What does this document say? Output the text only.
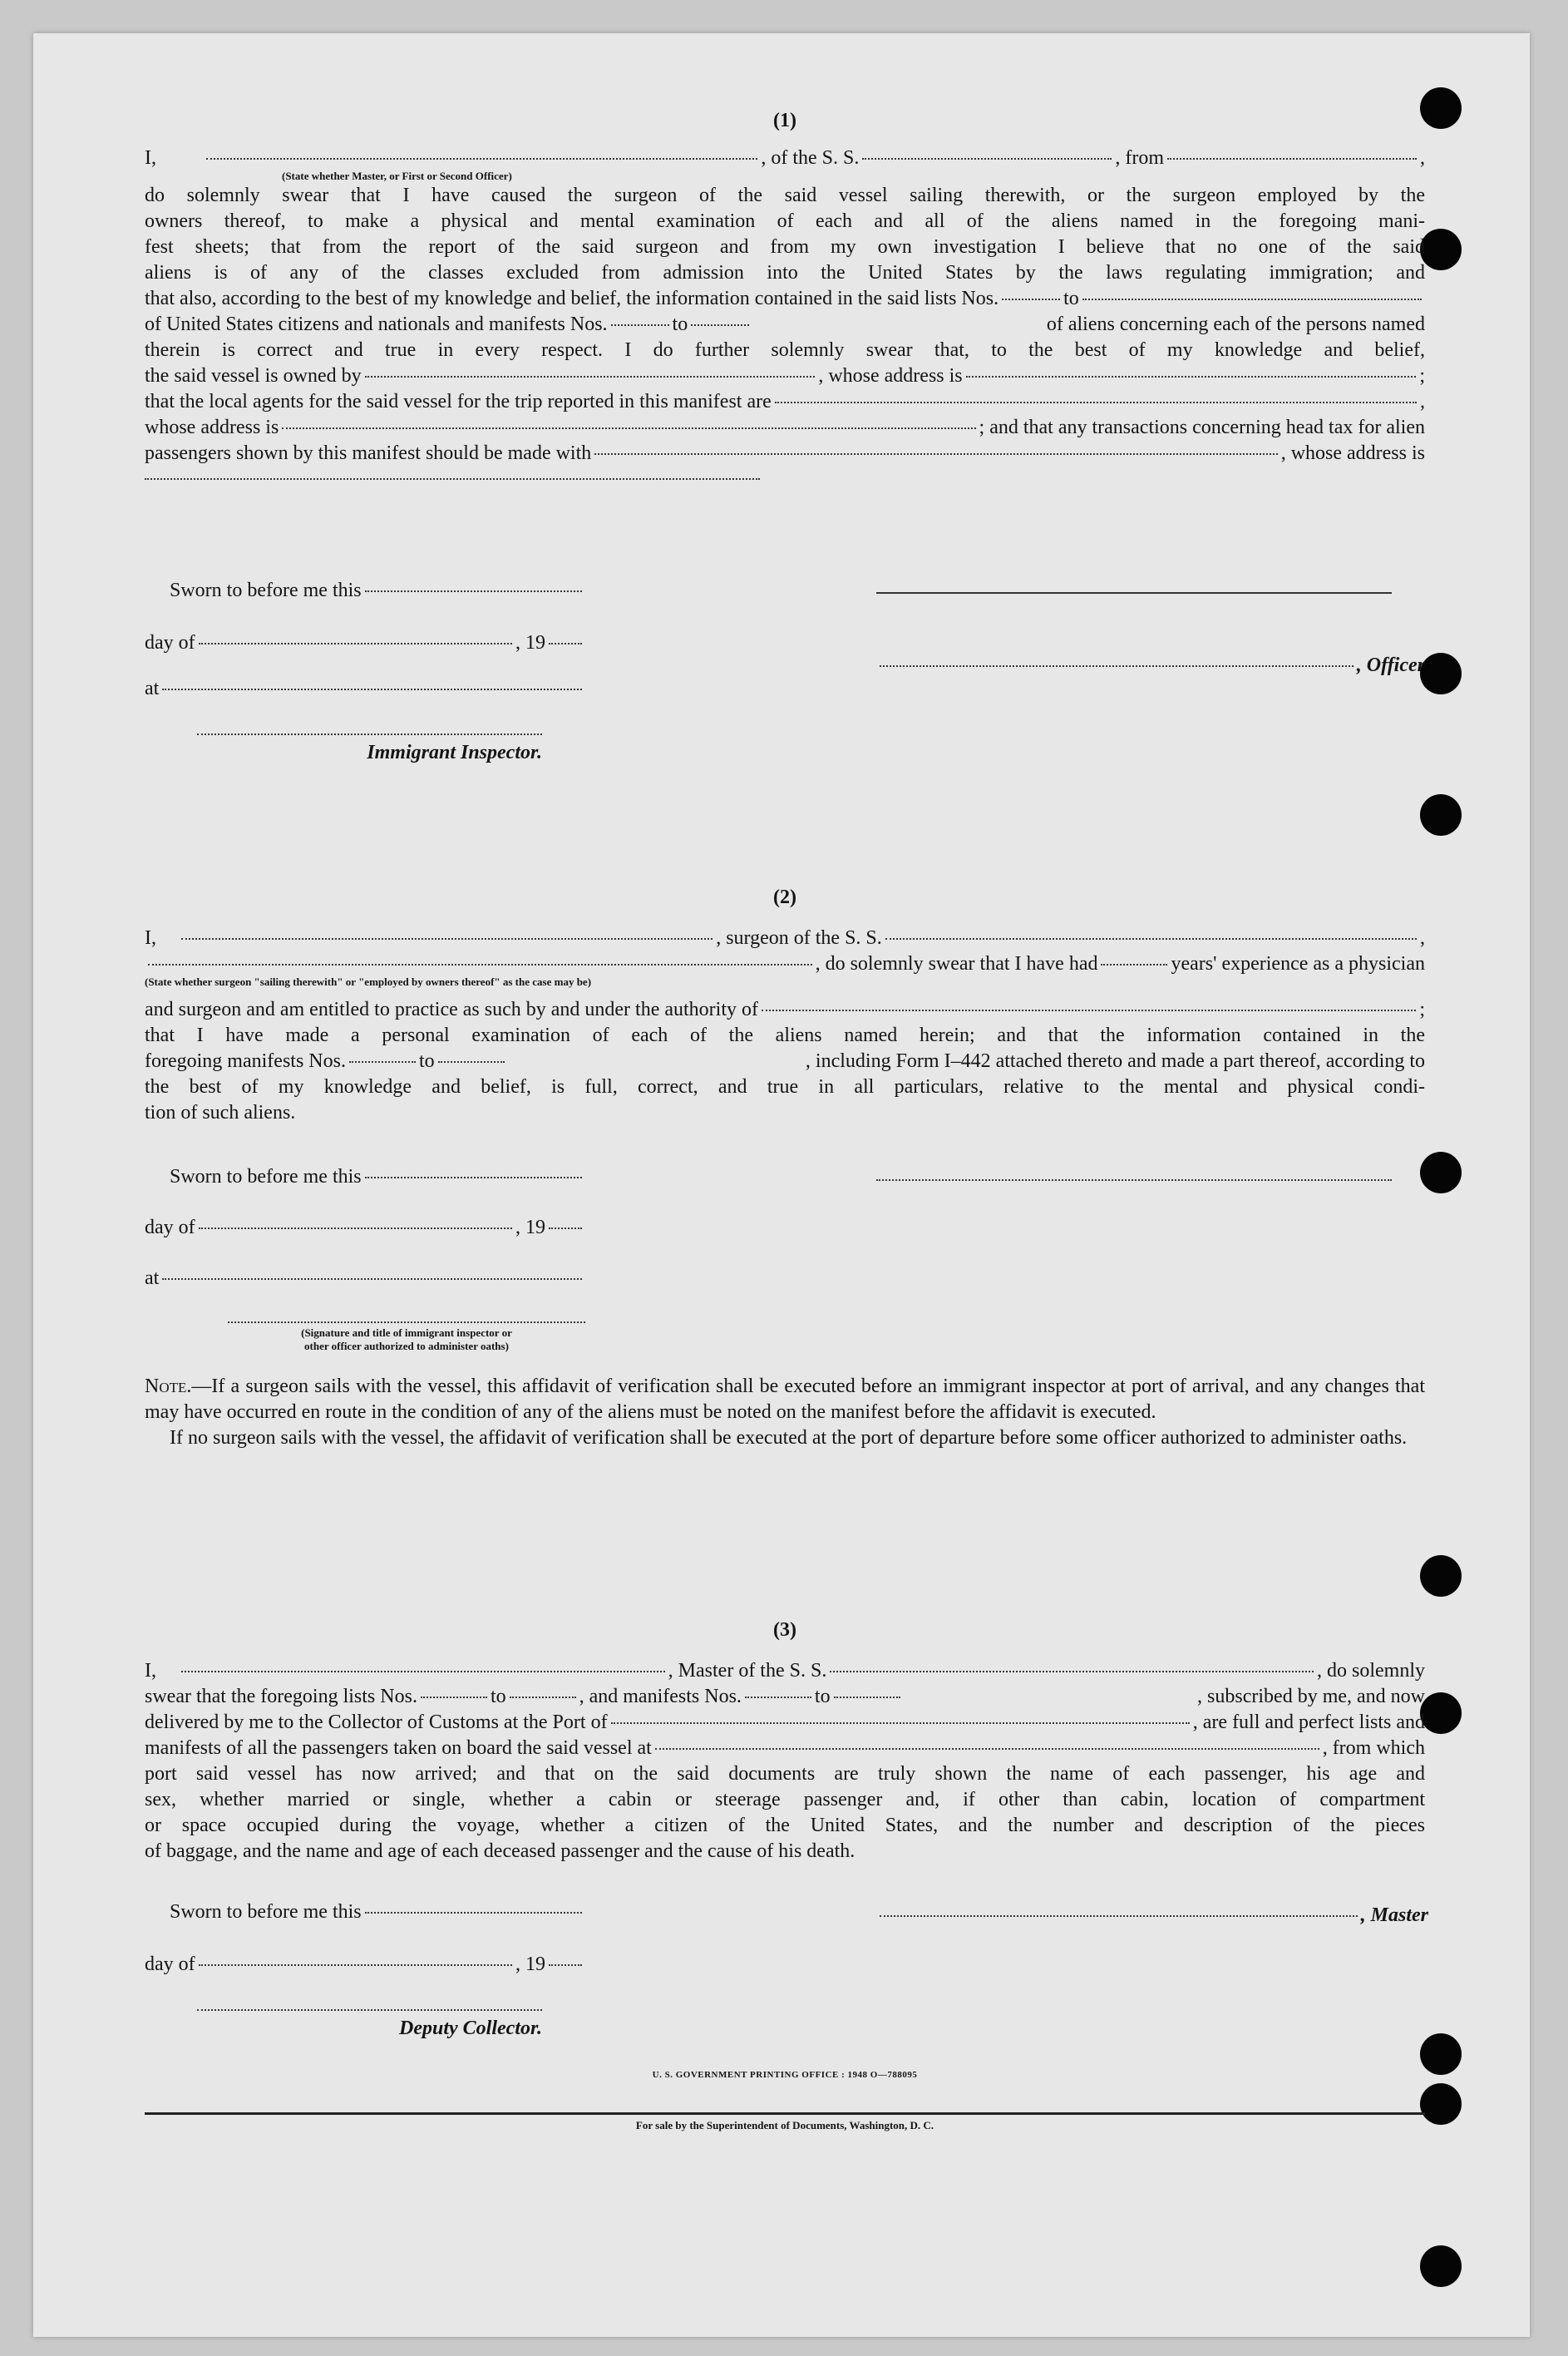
(1)
I,	, of the S. S.	, from	,
(State whether Master, or First or Second Officer)
do solemnly swear that I have caused the surgeon of the said vessel sailing therewith, or the surgeon employed by the
owners thereof, to make a physical and mental examination of each and all of the aliens named in the foregoing mani-
fest sheets; that from the report of the said surgeon and from my own investigation I believe that no one of the said
aliens is of any of the classes excluded from admission into the United States by the laws regulating immigration; and
that also, according to the best of my knowledge and belief, the information contained in the said lists Nos.	to
of United States citizens and nationals and manifests Nos.	to	of aliens concerning each of the persons named
therein is correct and true in every respect. I do further solemnly swear that, to the best of my knowledge and belief,
the said vessel is owned by	, whose address is	;
that the local agents for the said vessel for the trip reported in this manifest are	,
whose address is	; and that any transactions concerning head tax for alien
passengers shown by this manifest should be made with	, whose address is
Sworn to before me this
day of	, 19
at
Immigrant Inspector.
, Officer
(2)
I,	, surgeon of the S. S.	,
, do solemnly swear that I have had	years' experience as a physician
(State whether surgeon "sailing therewith" or "employed by owners thereof" as the case may be)
and surgeon and am entitled to practice as such by and under the authority of	;
that I have made a personal examination of each of the aliens named herein; and that the information contained in the
foregoing manifests Nos.	to	, including Form I–442 attached thereto and made a part thereof, according to
the best of my knowledge and belief, is full, correct, and true in all particulars, relative to the mental and physical condi-
tion of such aliens.
Sworn to before me this
day of	, 19
at
(Signature and title of immigrant inspector or
other officer authorized to administer oaths)
Note.—If a surgeon sails with the vessel, this affidavit of verification shall be executed before an immigrant inspector at port of arrival, and any changes that may have occurred en route in the condition of any of the aliens must be noted on the manifest before the affidavit is executed.
If no surgeon sails with the vessel, the affidavit of verification shall be executed at the port of departure before some officer authorized to administer oaths.
(3)
I,	, Master of the S. S.	, do solemnly
swear that the foregoing lists Nos.	to	, and manifests Nos.	to	, subscribed by me, and now
delivered by me to the Collector of Customs at the Port of	, are full and perfect lists and
manifests of all the passengers taken on board the said vessel at	, from which
port said vessel has now arrived; and that on the said documents are truly shown the name of each passenger, his age and
sex, whether married or single, whether a cabin or steerage passenger and, if other than cabin, location of compartment
or space occupied during the voyage, whether a citizen of the United States, and the number and description of the pieces
of baggage, and the name and age of each deceased passenger and the cause of his death.
Sworn to before me this
day of	, 19
Deputy Collector.
, Master
U. S. GOVERNMENT PRINTING OFFICE : 1948 O—788095
For sale by the Superintendent of Documents, Washington, D. C.
